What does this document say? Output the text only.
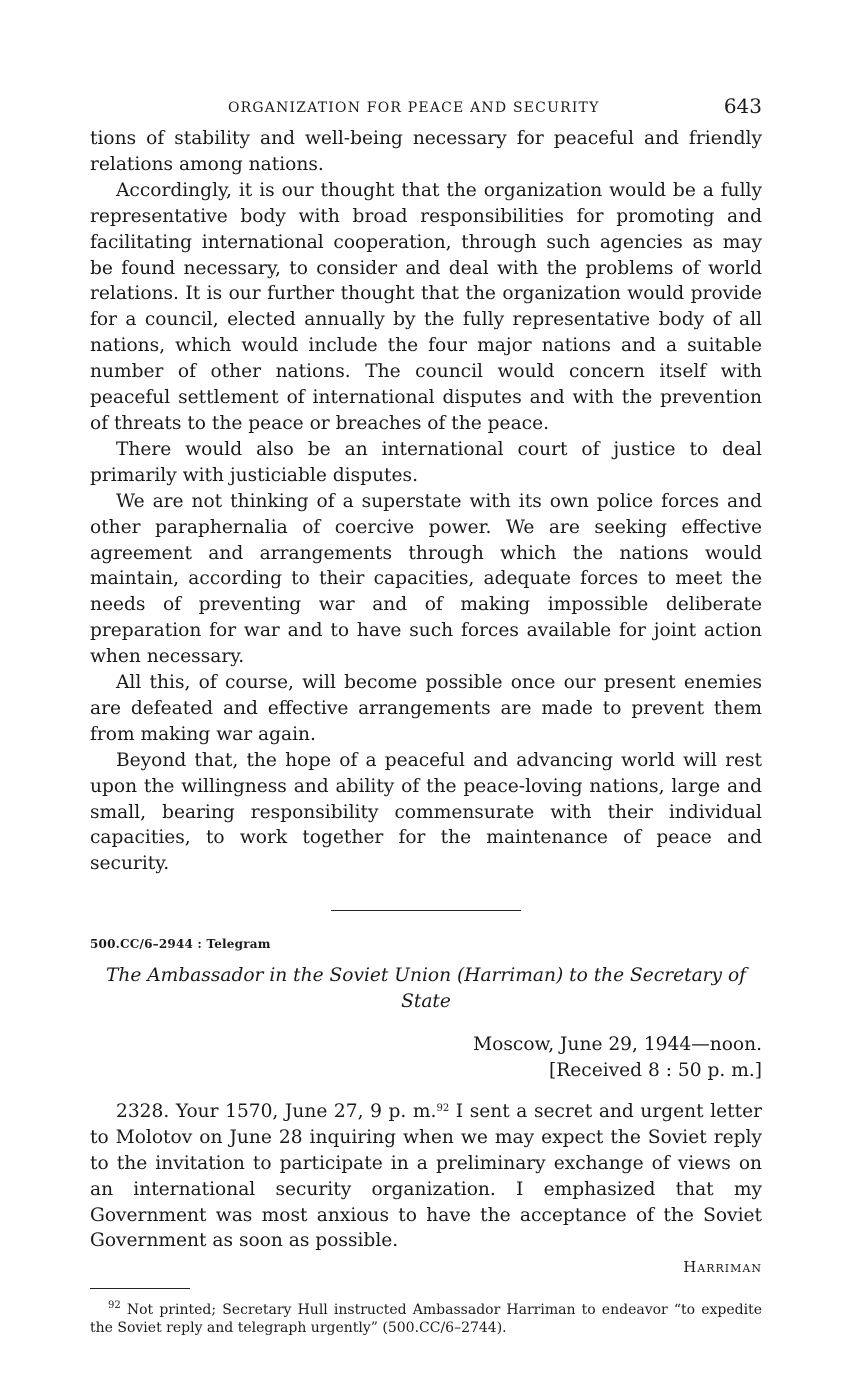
ORGANIZATION FOR PEACE AND SECURITY	643

tions of stability and well-being necessary for peaceful and friendly relations among nations.

Accordingly, it is our thought that the organization would be a fully representative body with broad responsibilities for promoting and facilitating international cooperation, through such agencies as may be found necessary, to consider and deal with the problems of world relations. It is our further thought that the organization would provide for a council, elected annually by the fully representative body of all nations, which would include the four major nations and a suitable number of other nations. The council would concern itself with peaceful settlement of international disputes and with the prevention of threats to the peace or breaches of the peace.

There would also be an international court of justice to deal primarily with justiciable disputes.

We are not thinking of a superstate with its own police forces and other paraphernalia of coercive power. We are seeking effective agreement and arrangements through which the nations would maintain, according to their capacities, adequate forces to meet the needs of preventing war and of making impossible deliberate preparation for war and to have such forces available for joint action when necessary.

All this, of course, will become possible once our present enemies are defeated and effective arrangements are made to prevent them from making war again.

Beyond that, the hope of a peaceful and advancing world will rest upon the willingness and ability of the peace-loving nations, large and small, bearing responsibility commensurate with their individual capacities, to work together for the maintenance of peace and security.

500.CC/6–2944 : Telegram
The Ambassador in the Soviet Union (Harriman) to the Secretary of State
Moscow, June 29, 1944—noon.
[Received 8 : 50 p. m.]

2328. Your 1570, June 27, 9 p. m.$^{92}$ I sent a secret and urgent letter to Molotov on June 28 inquiring when we may expect the Soviet reply to the invitation to participate in a preliminary exchange of views on an international security organization. I emphasized that my Government was most anxious to have the acceptance of the Soviet Government as soon as possible.

Harriman
$^{92}$ Not printed; Secretary Hull instructed Ambassador Harriman to endeavor “to expedite the Soviet reply and telegraph urgently” (500.CC/6–2744).
